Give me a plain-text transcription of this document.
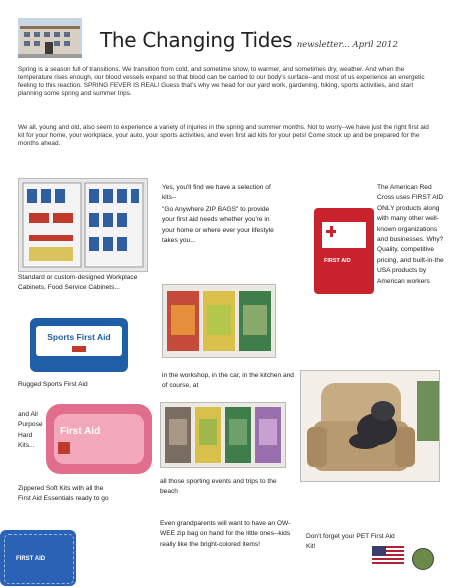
The Changing Tides newsletter... April 2012
Spring is a season full of transitions. We transition from cold, and sometime snow, to warmer, and sometimes dry, weather. And when the temperature rises enough, our blood vessels expand so that blood can be carried to our body's surface--and most of us experience an energetic feeling to this reaction. SPRING FEVER IS REAL! Guess that's why we head for our yard work, gardening, hiking, sports activities, and start planning some spring and summer trips.
We all, young and old, also seem to experience a variety of injuries in the spring and summer months. Not to worry--we have just the right first aid kit for your home, your workplace, your auto, your sports activities, and even first aid kits for your pets! Come stock up and be prepared for the months ahead.
Standard or custom-designed Workplace Cabinets, Food Service Cabinets...
Sports First Aid
Rugged Sports First Aid
and All Purpose Hard Kits...
First Aid
Zippered Soft Kits with all the First Aid Essentials ready to go
FIRST AID
Yes, you'll find we have a selection of kits--
"Go Anywhere ZIP BAGS" to provide your first aid needs whether you're in your home or where ever your lifestyle takes you...
in the workshop, in the car, in the kitchen and of course, at
all those sporting events and trips to the beach
Even grandparents will want to have an OW-WEE zip bag on hand for the little ones--kids really like the bright-colored items!
FIRST AID
The American Red Cross uses FIRST AID ONLY products along with many other well-known organizations and businesses. Why? Quality, competitive pricing, and built-in-the USA products by American workers
Don't forget your PET First Aid Kit!
